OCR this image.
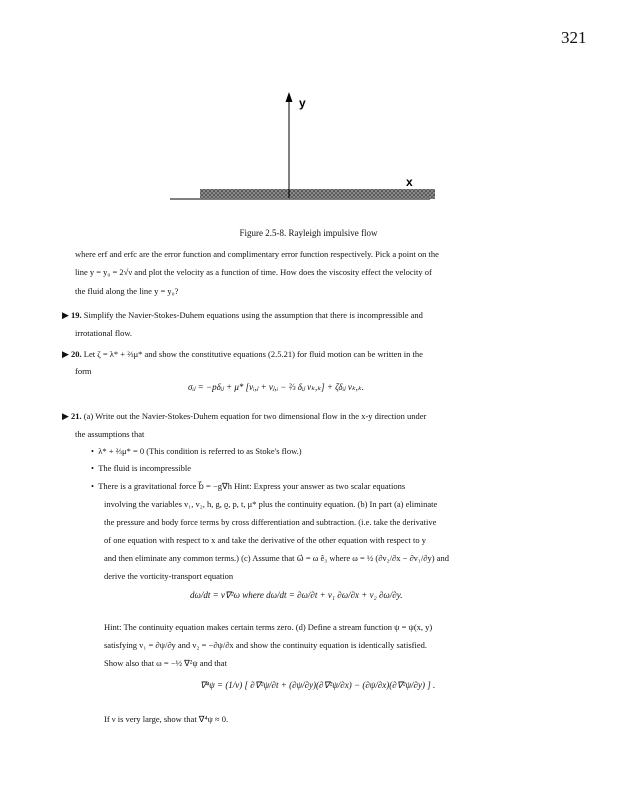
321
y
x
Figure 2.5-8. Rayleigh impulsive flow
where erf and erfc are the error function and complimentary error function respectively. Pick a point on the
line y = y₀ = 2√ν and plot the velocity as a function of time. How does the viscosity effect the velocity of
the fluid along the line y = y₀?
▶ 19. Simplify the Navier-Stokes-Duhem equations using the assumption that there is incompressible and
irrotational flow.
▶ 20. Let ζ = λ* + ⅔μ* and show the constitutive equations (2.5.21) for fluid motion can be written in the
form
σᵢⱼ = −pδᵢⱼ + μ* [vᵢ,ⱼ + vⱼ,ᵢ − ⅔ δᵢⱼ vₖ,ₖ] + ζδᵢⱼ vₖ,ₖ.
▶ 21. (a) Write out the Navier-Stokes-Duhem equation for two dimensional flow in the x-y direction under
the assumptions that
•  λ* + ⅔μ* = 0 (This condition is referred to as Stoke's flow.)
•  The fluid is incompressible
•  There is a gravitational force b⃗ = −g∇h Hint: Express your answer as two scalar equations
involving the variables v₁, v₂, h, g, ϱ, p, t, μ* plus the continuity equation. (b) In part (a) eliminate
the pressure and body force terms by cross differentiation and subtraction. (i.e. take the derivative
of one equation with respect to x and take the derivative of the other equation with respect to y
and then eliminate any common terms.) (c) Assume that ω⃗ = ω ê₃ where ω = ½ (∂v₂/∂x − ∂v₁/∂y) and
derive the vorticity-transport equation
dω/dt = ν∇²ω where dω/dt = ∂ω/∂t + v₁ ∂ω/∂x + v₂ ∂ω/∂y.
Hint: The continuity equation makes certain terms zero. (d) Define a stream function ψ = ψ(x, y)
satisfying v₁ = ∂ψ/∂y and v₂ = −∂ψ/∂x and show the continuity equation is identically satisfied.
Show also that ω = −½ ∇²ψ and that
∇⁴ψ = (1/ν) [ ∂∇²ψ/∂t + (∂ψ/∂y)(∂∇²ψ/∂x) − (∂ψ/∂x)(∂∇²ψ/∂y) ] .
If ν is very large, show that ∇⁴ψ ≈ 0.
